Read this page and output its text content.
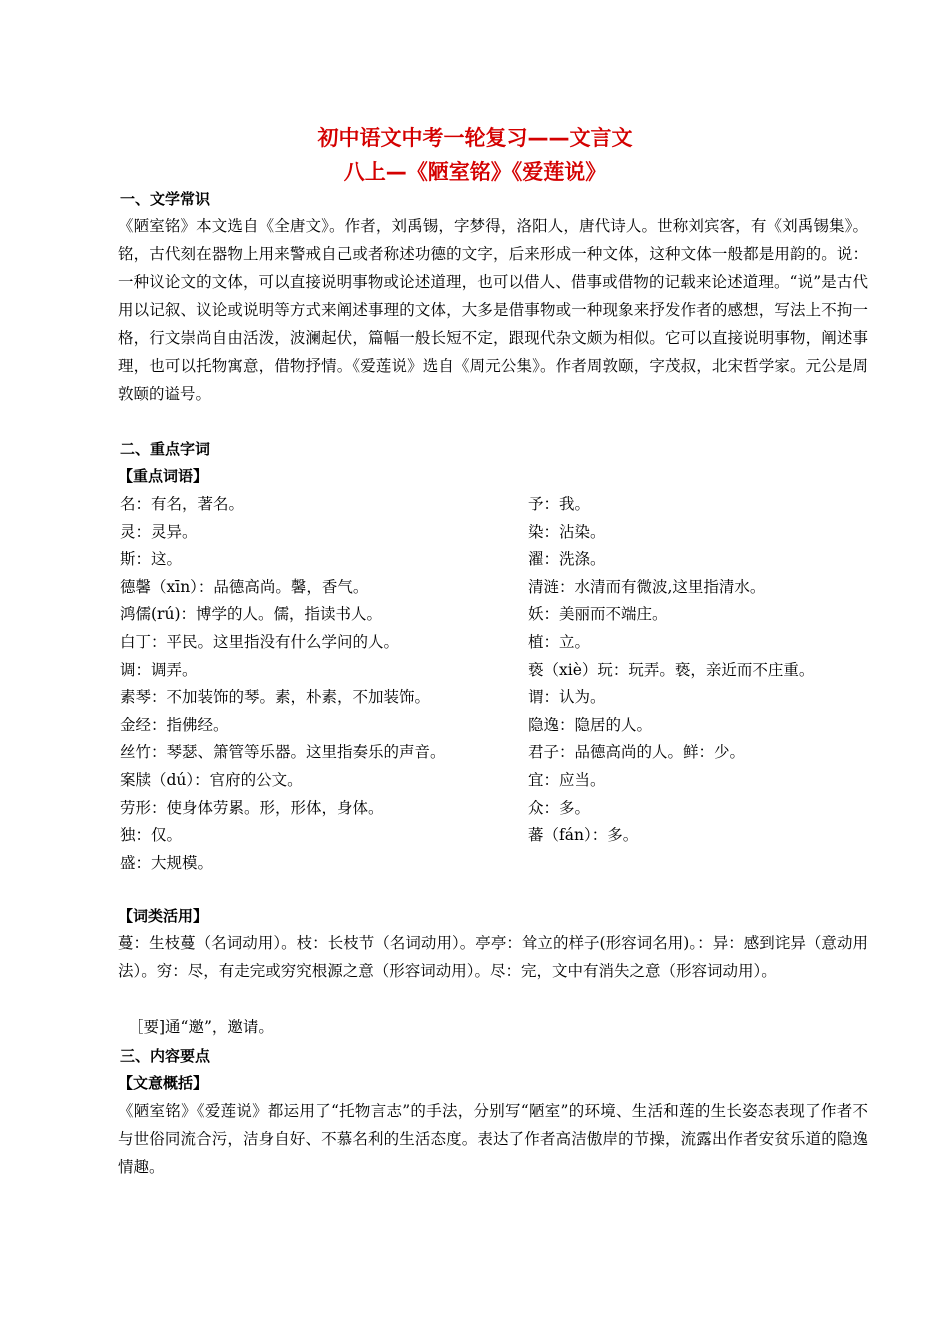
初中语文中考一轮复习——文言文
八上—《陋室铭》《爱莲说》
一、文学常识
《陋室铭》本文选自《全唐文》。作者，刘禹锡，字梦得，洛阳人，唐代诗人。世称刘宾客，有《刘禹锡集》。铭，古代刻在器物上用来警戒自己或者称述功德的文字，后来形成一种文体，这种文体一般都是用韵的。说：一种议论文的文体，可以直接说明事物或论述道理，也可以借人、借事或借物的记载来论述道理。“说”是古代用以记叙、议论或说明等方式来阐述事理的文体，大多是借事物或一种现象来抒发作者的感想，写法上不拘一格，行文崇尚自由活泼，波澜起伏，篇幅一般长短不定，跟现代杂文颇为相似。它可以直接说明事物，阐述事理，也可以托物寓意，借物抒情。《爱莲说》选自《周元公集》。作者周敦颐，字茂叔，北宋哲学家。元公是周敦颐的谥号。
二、重点字词
【重点词语】
名：有名，著名。
灵：灵异。
斯：这。
德馨（xīn）：品德高尚。馨，香气。
鸿儒(rú)：博学的人。儒，指读书人。
白丁：平民。这里指没有什么学问的人。
调：调弄。
素琴：不加装饰的琴。素，朴素，不加装饰。
金经：指佛经。
丝竹：琴瑟、箫管等乐器。这里指奏乐的声音。
案牍（dú）：官府的公文。
劳形：使身体劳累。形，形体，身体。
独：仅。
盛：大规模。
予：我。
染：沾染。
濯：洗涤。
清涟：水清而有微波,这里指清水。
妖：美丽而不端庄。
植：立。
亵（xiè）玩：玩弄。亵，亲近而不庄重。
谓：认为。
隐逸：隐居的人。
君子：品德高尚的人。鲜：少。
宜：应当。
众：多。
蕃（fán）：多。
【词类活用】
蔓：生枝蔓（名词动用）。枝：长枝节（名词动用）。亭亭：耸立的样子(形容词名用)。：异：感到诧异（意动用法）。穷：尽，有走完或穷究根源之意（形容词动用）。尽：完，文中有消失之意（形容词动用）。
［要]通“邀”，邀请。
三、内容要点
【文意概括】
《陋室铭》《爱莲说》都运用了“托物言志”的手法，分别写“陋室”的环境、生活和莲的生长姿态表现了作者不与世俗同流合污，洁身自好、不慕名利的生活态度。表达了作者高洁傲岸的节操，流露出作者安贫乐道的隐逸情趣。
